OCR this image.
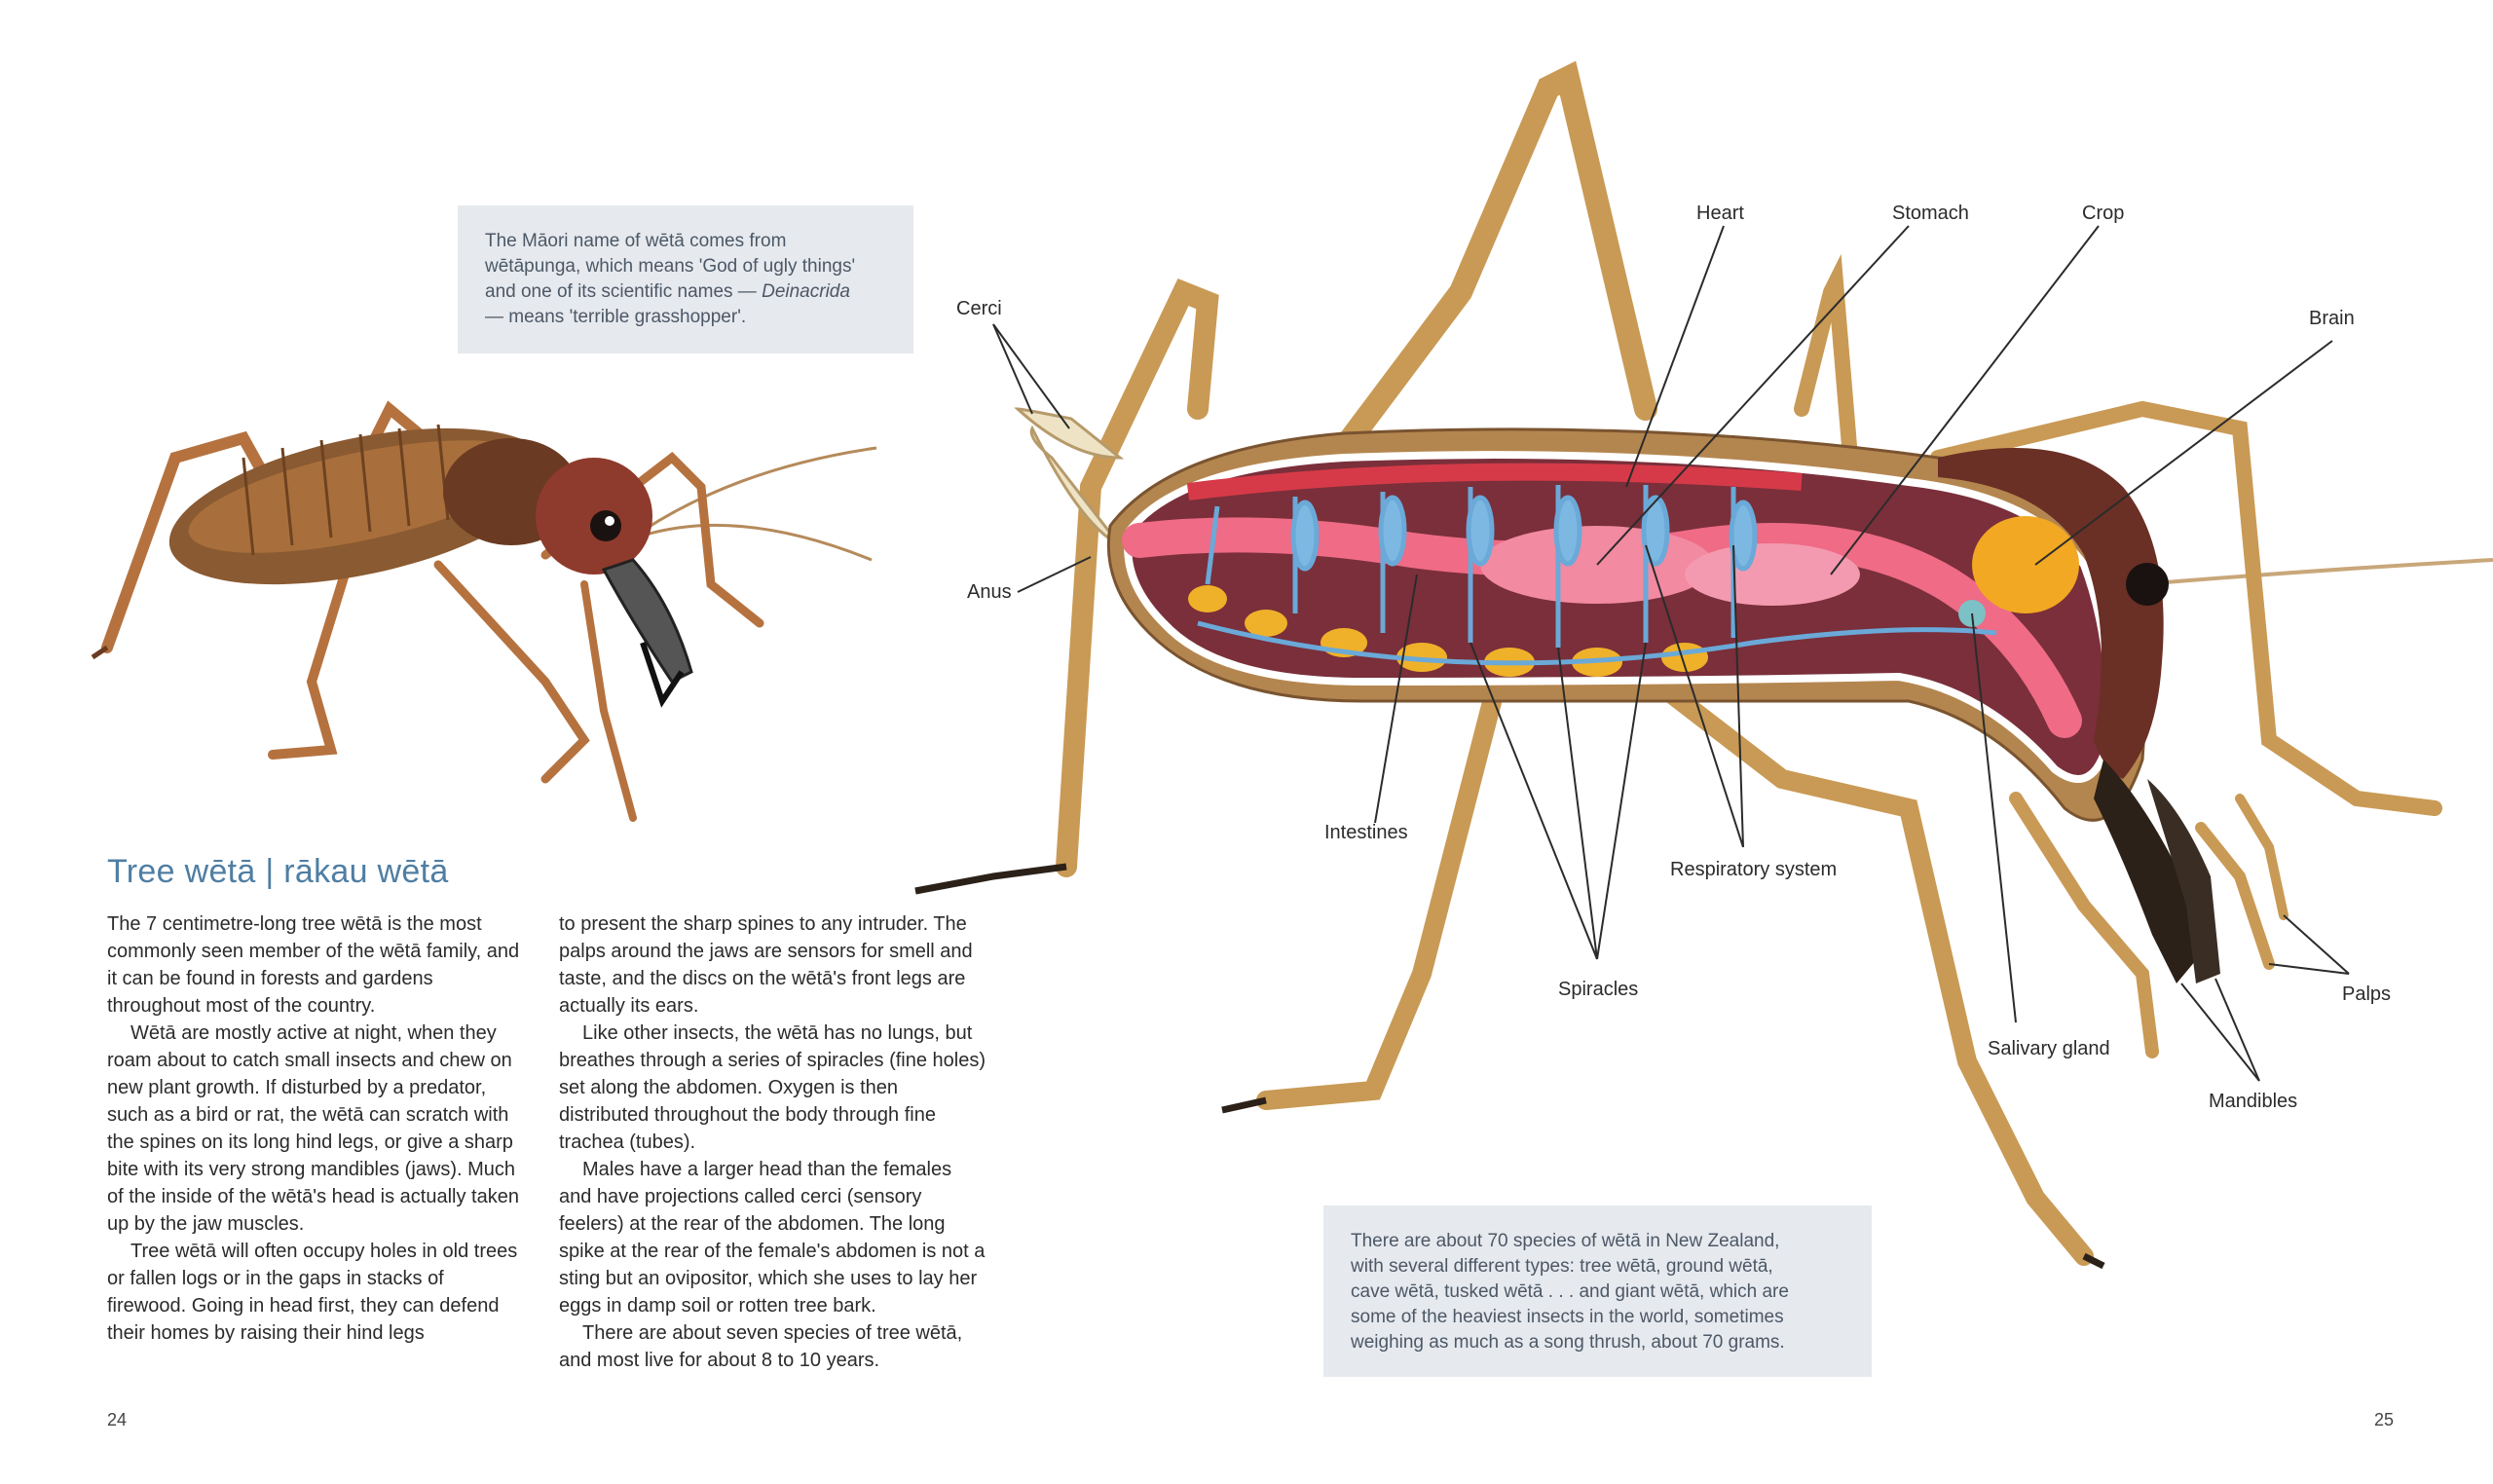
The Māori name of wētā comes from
wētāpunga, which means 'God of ugly things'
and one of its scientific names — Deinacrida
— means 'terrible grasshopper'.
Tree wētā | rākau wētā

The 7 centimetre-long tree wētā is the most commonly seen member of the wētā family, and it can be found in forests and gardens throughout most of the country.

Wētā are mostly active at night, when they roam about to catch small insects and chew on new plant growth. If disturbed by a predator, such as a bird or rat, the wētā can scratch with the spines on its long hind legs, or give a sharp bite with its very strong mandibles (jaws). Much of the inside of the wētā's head is actually taken up by the jaw muscles.

Tree wētā will often occupy holes in old trees or fallen logs or in the gaps in stacks of firewood. Going in head first, they can defend their homes by raising their hind legs

to present the sharp spines to any intruder. The palps around the jaws are sensors for smell and taste, and the discs on the wētā's front legs are actually its ears.

Like other insects, the wētā has no lungs, but breathes through a series of spiracles (fine holes) set along the abdomen. Oxygen is then distributed throughout the body through fine trachea (tubes).

Males have a larger head than the females and have projections called cerci (sensory feelers) at the rear of the abdomen. The long spike at the rear of the female's abdomen is not a sting but an ovipositor, which she uses to lay her eggs in damp soil or rotten tree bark.

There are about seven species of tree wētā, and most live for about 8 to 10 years.

There are about 70 species of wētā in New Zealand,
with several different types: tree wētā, ground wētā,
cave wētā, tusked wētā . . . and giant wētā, which are
some of the heaviest insects in the world, sometimes
weighing as much as a song thrush, about 70 grams.
Cerci
Anus
Heart	Stomach	Crop
Brain
Intestines
Respiratory system
Spiracles
Salivary gland
Palps
Mandibles
24	25
